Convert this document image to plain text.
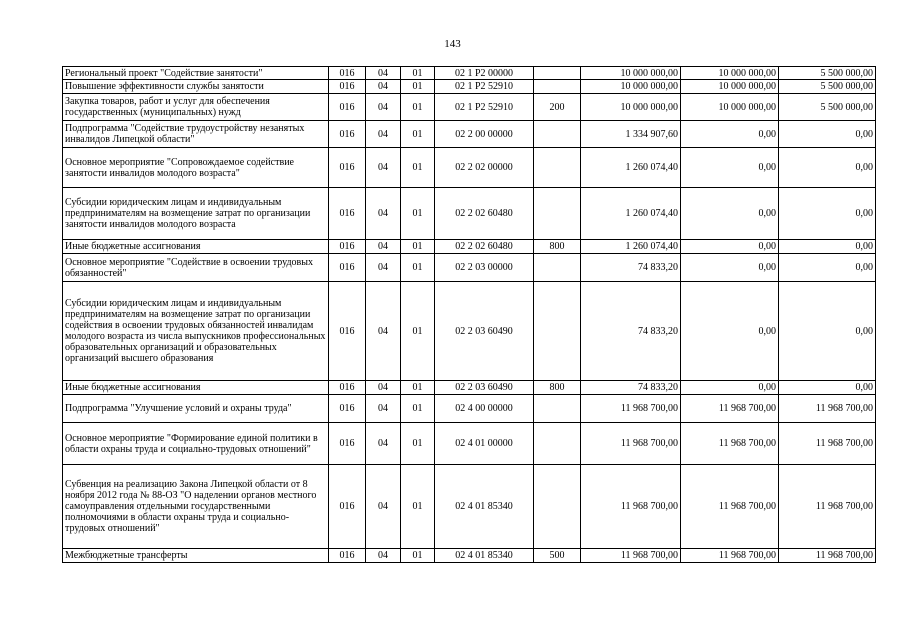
143
Региональный проект "Содействие занятости"	016	04	01	02 1 P2 00000		10 000 000,00	10 000 000,00	5 500 000,00
Повышение эффективности службы занятости	016	04	01	02 1 P2 52910		10 000 000,00	10 000 000,00	5 500 000,00
Закупка товаров, работ и услуг для обеспечения государственных (муниципальных) нужд	016	04	01	02 1 P2 52910	200	10 000 000,00	10 000 000,00	5 500 000,00
Подпрограмма "Содействие трудоустройству незанятых инвалидов Липецкой области"	016	04	01	02 2 00 00000		1 334 907,60	0,00	0,00
Основное мероприятие "Сопровождаемое содействие занятости инвалидов молодого возраста"	016	04	01	02 2 02 00000		1 260 074,40	0,00	0,00
Субсидии юридическим лицам и индивидуальным предпринимателям на возмещение затрат по организации занятости инвалидов молодого возраста	016	04	01	02 2 02 60480		1 260 074,40	0,00	0,00
Иные бюджетные ассигнования	016	04	01	02 2 02 60480	800	1 260 074,40	0,00	0,00
Основное мероприятие "Содействие в освоении трудовых обязанностей"	016	04	01	02 2 03 00000		74 833,20	0,00	0,00
Субсидии юридическим лицам и индивидуальным предпринимателям на возмещение затрат по организации содействия в освоении трудовых обязанностей инвалидам молодого возраста из числа выпускников профессиональных образовательных организаций и образовательных организаций высшего образования	016	04	01	02 2 03 60490		74 833,20	0,00	0,00
Иные бюджетные ассигнования	016	04	01	02 2 03 60490	800	74 833,20	0,00	0,00
Подпрограмма "Улучшение условий и охраны труда"	016	04	01	02 4 00 00000		11 968 700,00	11 968 700,00	11 968 700,00
Основное мероприятие "Формирование единой политики в области охраны труда и социально-трудовых отношений"	016	04	01	02 4 01 00000		11 968 700,00	11 968 700,00	11 968 700,00
Субвенция на реализацию Закона Липецкой области от 8 ноября 2012 года № 88-ОЗ "О наделении органов местного самоуправления отдельными государственными полномочиями в области охраны труда и социально-трудовых отношений"	016	04	01	02 4 01 85340		11 968 700,00	11 968 700,00	11 968 700,00
Межбюджетные трансферты	016	04	01	02 4 01 85340	500	11 968 700,00	11 968 700,00	11 968 700,00
